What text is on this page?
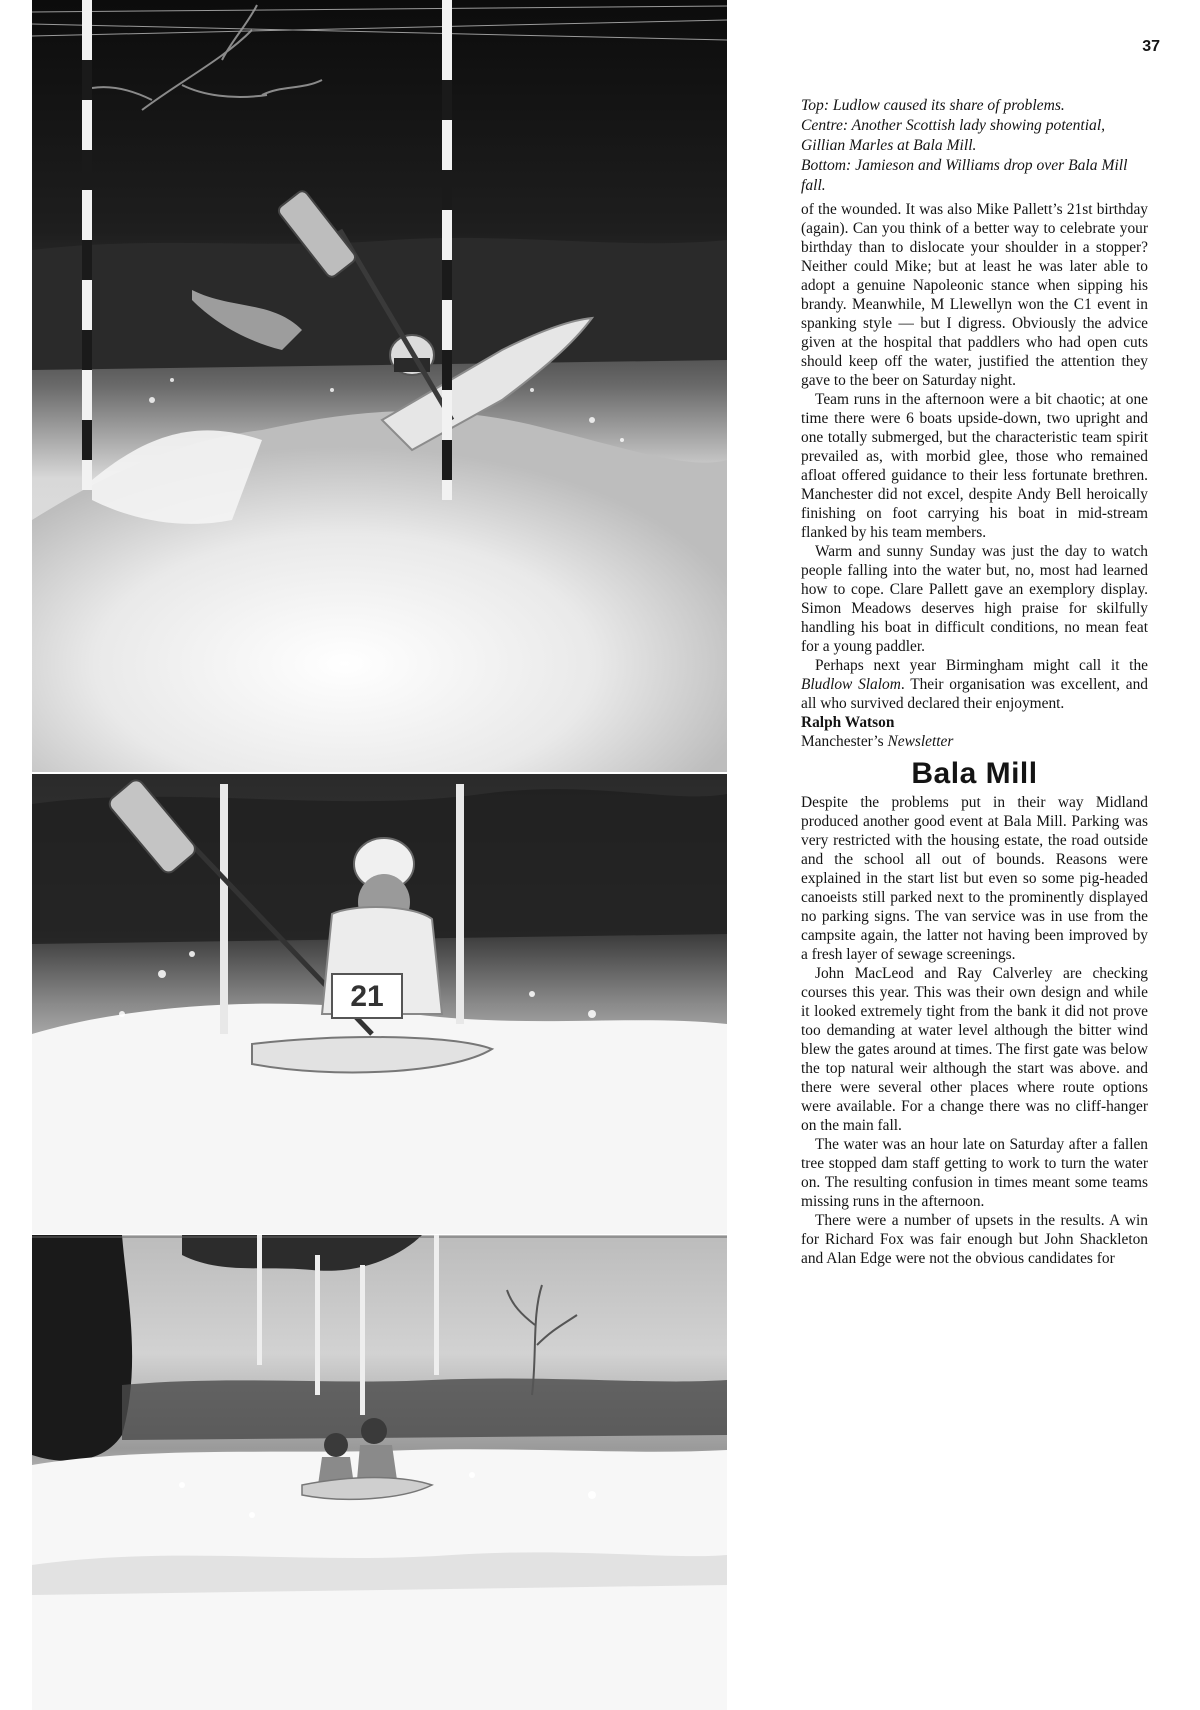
21
37

Top: Ludlow caused its share of problems.
Centre: Another Scottish lady showing potential, Gillian Marles at Bala Mill.
Bottom: Jamieson and Williams drop over Bala Mill fall.

of the wounded. It was also Mike Pallett’s 21st birthday (again). Can you think of a better way to celebrate your birthday than to dislocate your shoulder in a stopper? Neither could Mike; but at least he was later able to adopt a genuine Napoleonic stance when sipping his brandy. Meanwhile, M Llewellyn won the C1 event in spanking style — but I digress. Obviously the advice given at the hospital that paddlers who had open cuts should keep off the water, justified the attention they gave to the beer on Saturday night.

Team runs in the afternoon were a bit chaotic; at one time there were 6 boats upside-down, two upright and one totally submerged, but the characteristic team spirit prevailed as, with morbid glee, those who remained afloat offered guidance to their less fortunate brethren. Manchester did not excel, despite Andy Bell heroically finishing on foot carrying his boat in mid-stream flanked by his team members.

Warm and sunny Sunday was just the day to watch people falling into the water but, no, most had learned how to cope. Clare Pallett gave an exemplory display. Simon Meadows deserves high praise for skilfully handling his boat in difficult conditions, no mean feat for a young paddler.

Perhaps next year Birmingham might call it the Bludlow Slalom. Their organisation was excellent, and all who survived declared their enjoyment.

Ralph Watson

Manchester’s Newsletter

Bala Mill

Despite the problems put in their way Midland produced another good event at Bala Mill. Parking was very restricted with the housing estate, the road outside and the school all out of bounds. Reasons were explained in the start list but even so some pig-headed canoeists still parked next to the prominently displayed no parking signs. The van service was in use from the campsite again, the latter not having been improved by a fresh layer of sewage screenings.

John MacLeod and Ray Calverley are checking courses this year. This was their own design and while it looked extremely tight from the bank it did not prove too demanding at water level although the bitter wind blew the gates around at times. The first gate was below the top natural weir although the start was above. and there were several other places where route options were available. For a change there was no cliff-hanger on the main fall.

The water was an hour late on Saturday after a fallen tree stopped dam staff getting to work to turn the water on. The resulting confusion in times meant some teams missing runs in the afternoon.

There were a number of upsets in the results. A win for Richard Fox was fair enough but John Shackleton and Alan Edge were not the obvious candidates for
